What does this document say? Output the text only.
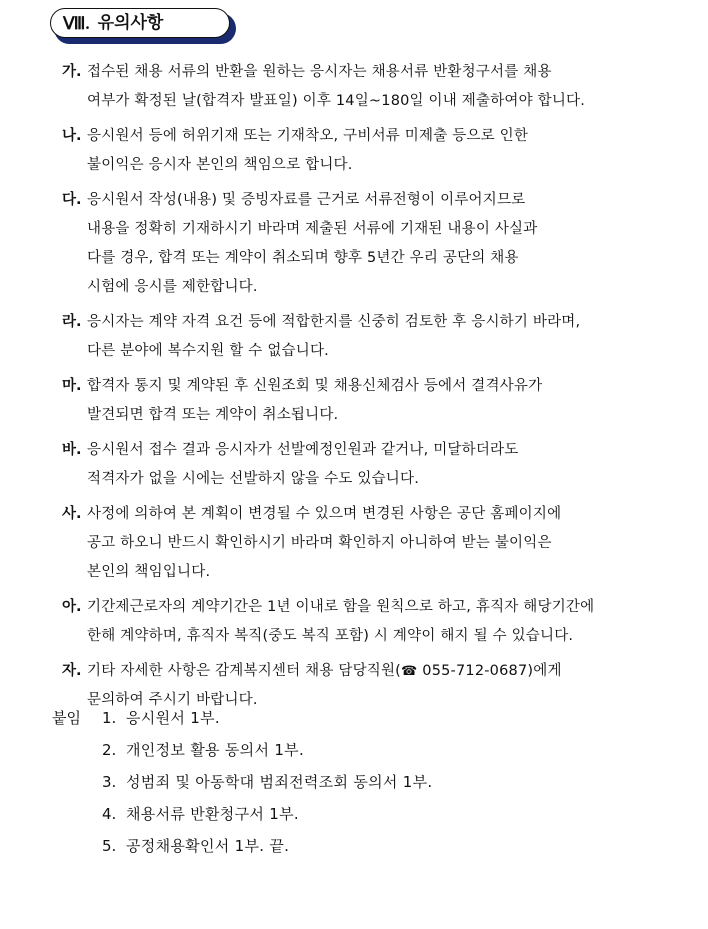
Ⅷ. 유의사항
가. 접수된 채용 서류의 반환을 원하는 응시자는 채용서류 반환청구서를 채용
여부가 확정된 날(합격자 발표일) 이후 14일~180일 이내 제출하여야 합니다.
나. 응시원서 등에 허위기재 또는 기재착오, 구비서류 미제출 등으로 인한
불이익은 응시자 본인의 책임으로 합니다.
다. 응시원서 작성(내용) 및 증빙자료를 근거로 서류전형이 이루어지므로
내용을 정확히 기재하시기 바라며 제출된 서류에 기재된 내용이 사실과
다를 경우, 합격 또는 계약이 취소되며 향후 5년간 우리 공단의 채용
시험에 응시를 제한합니다.
라. 응시자는 계약 자격 요건 등에 적합한지를 신중히 검토한 후 응시하기 바라며,
다른 분야에 복수지원 할 수 없습니다.
마. 합격자 통지 및 계약된 후 신원조회 및 채용신체검사 등에서 결격사유가
발견되면 합격 또는 계약이 취소됩니다.
바. 응시원서 접수 결과 응시자가 선발예정인원과 같거나, 미달하더라도
적격자가 없을 시에는 선발하지 않을 수도 있습니다.
사. 사정에 의하여 본 계획이 변경될 수 있으며 변경된 사항은 공단 홈페이지에
공고 하오니 반드시 확인하시기 바라며 확인하지 아니하여 받는 불이익은
본인의 책임입니다.
아. 기간제근로자의 계약기간은 1년 이내로 함을 원칙으로 하고, 휴직자 해당기간에
한해 계약하며, 휴직자 복직(중도 복직 포함) 시 계약이 해지 될 수 있습니다.
자. 기타 자세한 사항은 감계복지센터 채용 담당직원(☎ 055-712-0687)에게
문의하여 주시기 바랍니다.
붙임	1. 응시원서 1부.
2. 개인정보 활용 동의서 1부.
3. 성범죄 및 아동학대 범죄전력조회 동의서 1부.
4. 채용서류 반환청구서 1부.
5. 공정채용확인서 1부. 끝.
